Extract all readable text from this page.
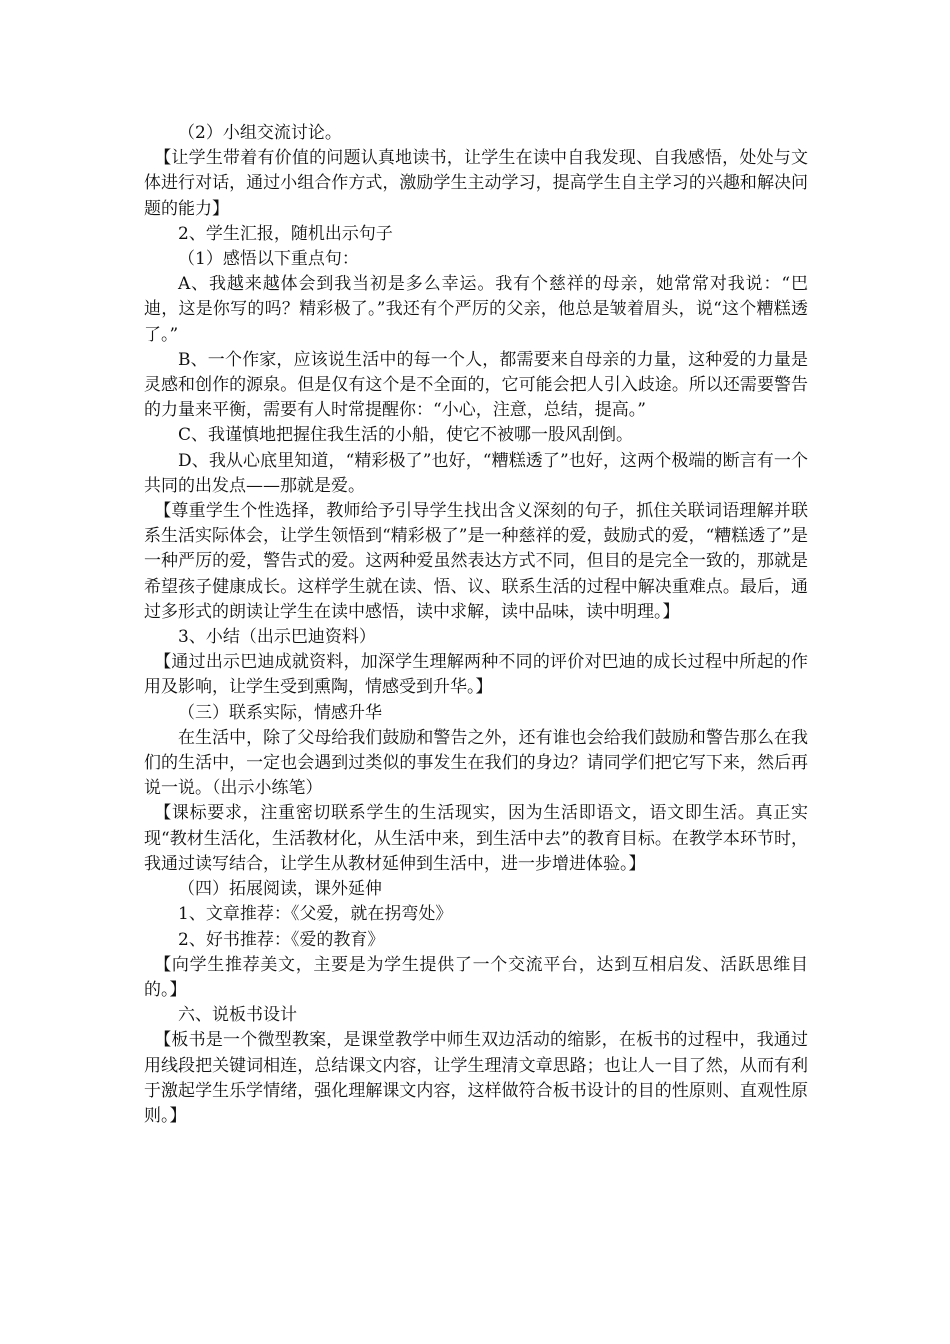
（2）小组交流讨论。

【让学生带着有价值的问题认真地读书，让学生在读中自我发现、自我感悟，处处与文体进行对话，通过小组合作方式，激励学生主动学习，提高学生自主学习的兴趣和解决问题的能力】

2、学生汇报，随机出示句子

（1）感悟以下重点句：

A、我越来越体会到我当初是多么幸运。我有个慈祥的母亲，她常常对我说：“巴迪，这是你写的吗？精彩极了。”我还有个严厉的父亲，他总是皱着眉头，说“这个糟糕透了。”

B、一个作家，应该说生活中的每一个人，都需要来自母亲的力量，这种爱的力量是灵感和创作的源泉。但是仅有这个是不全面的，它可能会把人引入歧途。所以还需要警告的力量来平衡，需要有人时常提醒你：“小心，注意，总结，提高。”

C、我谨慎地把握住我生活的小船，使它不被哪一股风刮倒。

D、我从心底里知道，“精彩极了”也好，“糟糕透了”也好，这两个极端的断言有一个共同的出发点——那就是爱。

【尊重学生个性选择，教师给予引导学生找出含义深刻的句子，抓住关联词语理解并联系生活实际体会，让学生领悟到“精彩极了”是一种慈祥的爱，鼓励式的爱，“糟糕透了”是一种严厉的爱，警告式的爱。这两种爱虽然表达方式不同，但目的是完全一致的，那就是希望孩子健康成长。这样学生就在读、悟、议、联系生活的过程中解决重难点。最后，通过多形式的朗读让学生在读中感悟，读中求解，读中品味，读中明理。】

3、小结（出示巴迪资料）

【通过出示巴迪成就资料，加深学生理解两种不同的评价对巴迪的成长过程中所起的作用及影响，让学生受到熏陶，情感受到升华。】

（三）联系实际，情感升华

在生活中，除了父母给我们鼓励和警告之外，还有谁也会给我们鼓励和警告那么在我们的生活中，一定也会遇到过类似的事发生在我们的身边？请同学们把它写下来，然后再说一说。（出示小练笔）

【课标要求，注重密切联系学生的生活现实，因为生活即语文，语文即生活。真正实现“教材生活化，生活教材化，从生活中来，到生活中去”的教育目标。在教学本环节时，我通过读写结合，让学生从教材延伸到生活中，进一步增进体验。】

（四）拓展阅读，课外延伸

1、文章推荐：《父爱，就在拐弯处》

2、好书推荐：《爱的教育》

【向学生推荐美文，主要是为学生提供了一个交流平台，达到互相启发、活跃思维目的。】

六、说板书设计

【板书是一个微型教案，是课堂教学中师生双边活动的缩影，在板书的过程中，我通过用线段把关键词相连，总结课文内容，让学生理清文章思路；也让人一目了然，从而有利于激起学生乐学情绪，强化理解课文内容，这样做符合板书设计的目的性原则、直观性原则。】
